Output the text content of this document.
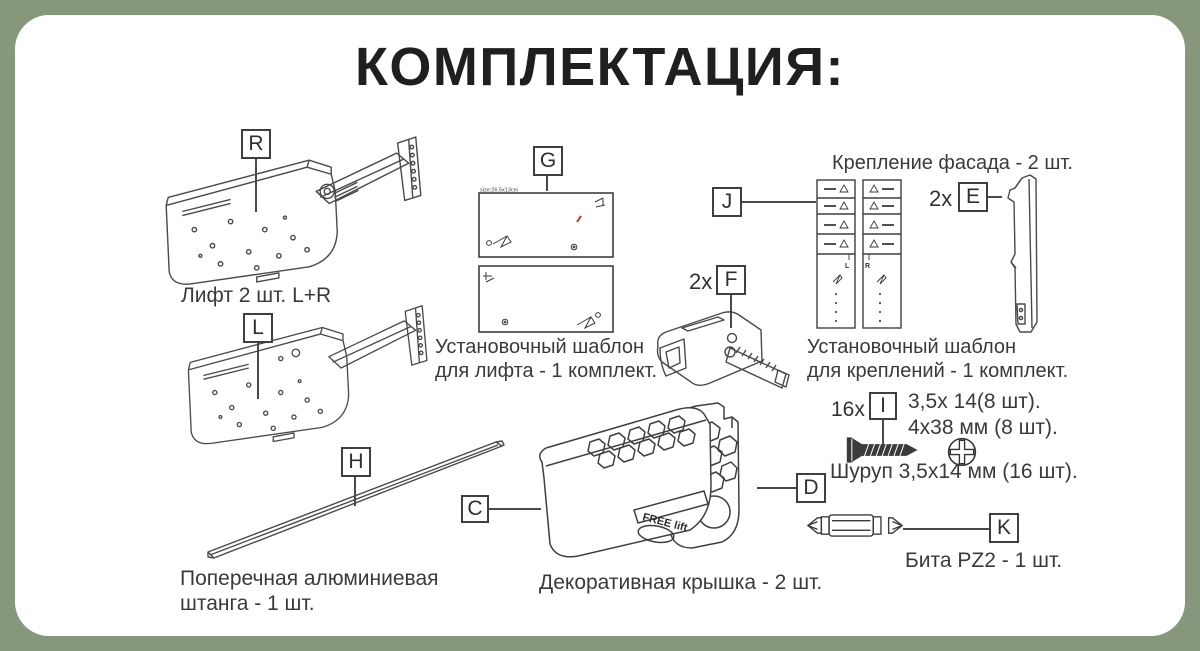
КОМПЛЕКТАЦИЯ:
R
L
Лифт 2 шт. L+R
G
size:26.5x13cm
Установочный шаблон
для лифта - 1 комплект.
Крепление фасада - 2 шт.
J
L R
Установочный шаблон
для креплений - 1 комплект.
2x E
2x F
16x I 3,5х 14(8 шт).
4х38 мм (8 шт).
Шуруп 3,5х14 мм (16 шт).
K
Бита PZ2 - 1 шт.
FREE lift
D
Декоративная крышка - 2 шт.
H
C
Поперечная алюминиевая
штанга - 1 шт.
